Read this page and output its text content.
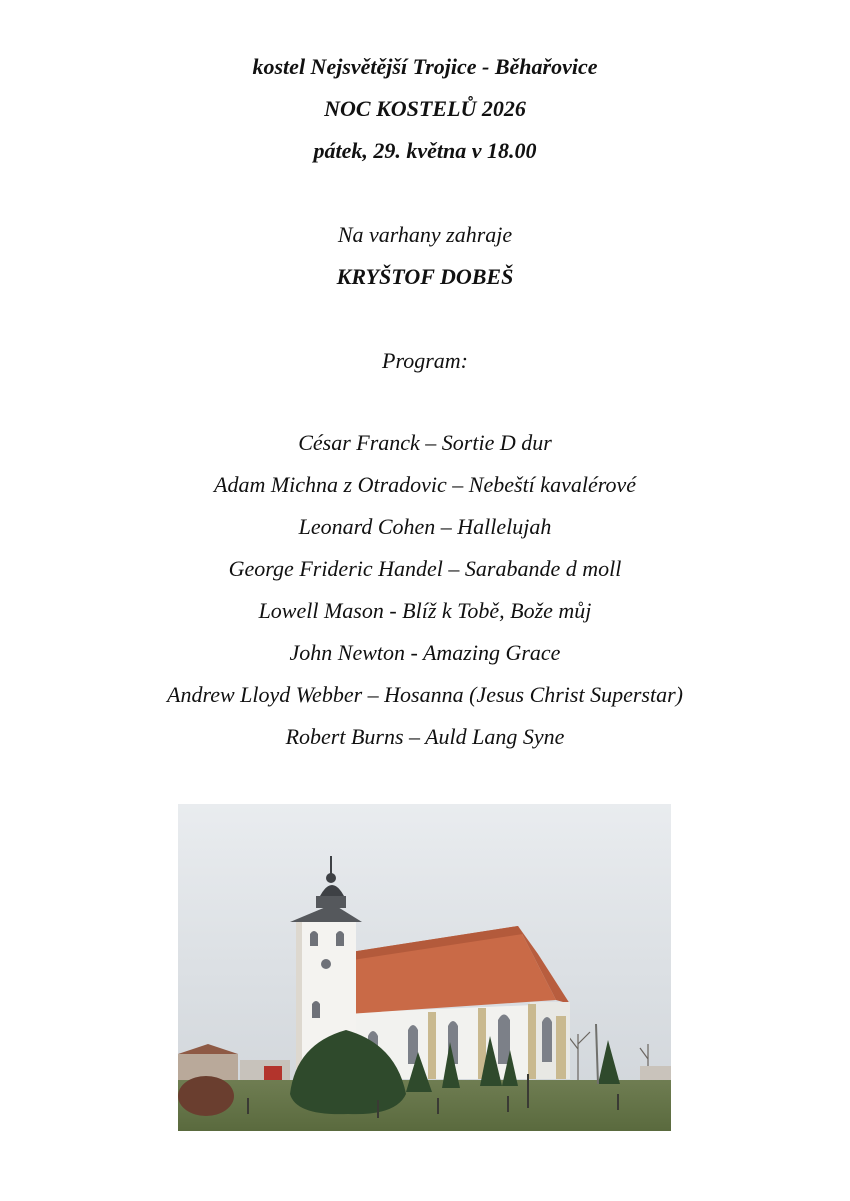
kostel Nejsvětější Trojice - Běhařovice
NOC KOSTELŮ 2026
pátek, 29. května v 18.00
Na varhany zahraje
KRYŠTOF DOBEŠ
Program:
César Franck – Sortie D dur
Adam Michna z Otradovic – Nebeští kavalérové
Leonard Cohen – Hallelujah
George Frideric Handel – Sarabande d moll
Lowell Mason - Blíž k Tobě, Bože můj
John Newton - Amazing Grace
Andrew Lloyd Webber – Hosanna (Jesus Christ Superstar)
Robert Burns – Auld Lang Syne
